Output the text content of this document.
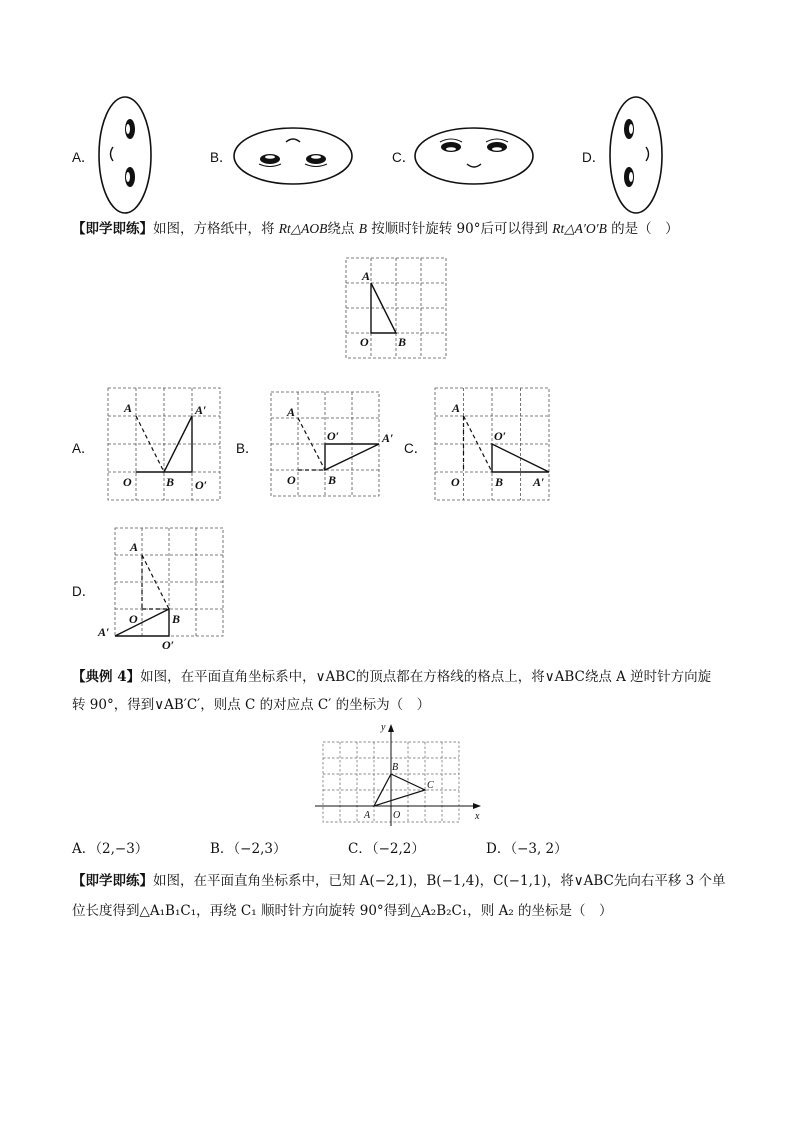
A．	B．	C．	D．
【即学即练】如图，方格纸中，将 Rt△AOB绕点 B 按顺时针旋转 90°后可以得到 Rt△A′O′B 的是（　）
A
O B
A．
A	A′
O	B O′
B．
A
O′	A′
O	B
C．
A
O′
O	B A′
D．
A
O	B
A′
O′
【典例 4】如图，在平面直角坐标系中，∨ABC的顶点都在方格线的格点上，将∨ABC绕点 A 逆时针方向旋
转 90°，得到∨AB′C′，则点 C 的对应点 C′ 的坐标为（　）
x
y
O
A
B
C
A．（2,−3）	B．（−2,3）	C．（−2,2）	D．（−3, 2）
【即学即练】如图，在平面直角坐标系中，已知 A(−2,1)，B(−1,4)，C(−1,1)，将∨ABC先向右平移 3 个单
位长度得到△A₁B₁C₁，再绕 C₁ 顺时针方向旋转 90°得到△A₂B₂C₁，则 A₂ 的坐标是（　）
